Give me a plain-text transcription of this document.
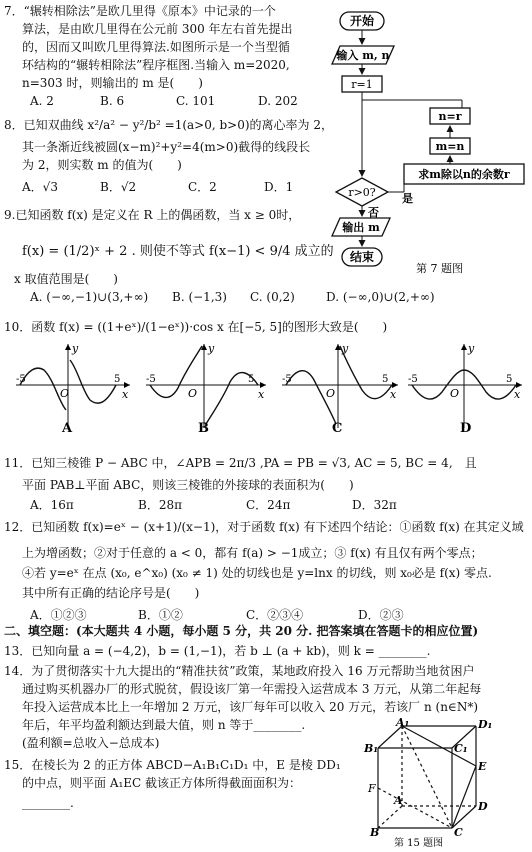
7．“辗转相除法”是欧几里得《原本》中记录的一个
算法，是由欧几里得在公元前 300 年左右首先提出
的，因而又叫欧几里得算法.如图所示是一个当型循
环结构的“辗转相除法”程序框图.当输入 m=2020,
n=303 时，则输出的 m 是(　　)
A. 2	B. 6	C. 101	D. 202
开始
输入 m, n
r=1
n=r
m=n
求m除以n的余数r
r>0? 是
否
输出 m
结束
第 7 题图
8．已知双曲线 x²/a² − y²/b² =1(a>0, b>0)的离心率为 2，
其一条渐近线被圆(x−m)²+y²=4(m>0)截得的线段长
为 2，则实数 m 的值为(　　)
A．√3	B．√2	C．2	D．1
9.已知函数 f(x) 是定义在 R 上的偶函数，当 x ≥ 0时，
f(x) = (1/2)ˣ + 2 . 则使不等式 f(x−1) < 9/4 成立的
x 取值范围是(　　)
A. (−∞,−1)∪(3,+∞) B. (−1,3) C. (0,2)	D. (−∞,0)∪(2,+∞)
10．函数 f(x) = ((1+eˣ)/(1−eˣ))·cos x 在[−5, 5]的图形大致是(　　)
y
x
O
-5	5
A
y
x
O
-5	5
B
y
x
O
-5	5
C
y
x
O
-5	5
D
11．已知三棱锥 P − ABC 中，∠APB = 2π/3 ,PA = PB = √3, AC = 5, BC = 4,　且
平面 PAB⊥平面 ABC，则该三棱锥的外接球的表面积为(　　)
A．16π	B．28π	C．24π	D．32π
12．已知函数 f(x)=eˣ − (x+1)/(x−1)，对于函数 f(x) 有下述四个结论：①函数 f(x) 在其定义域
上为增函数；②对于任意的 a < 0，都有 f(a) > −1成立；③ f(x) 有且仅有两个零点；
④若 y=eˣ 在点 (x₀, e^x₀) (x₀ ≠ 1) 处的切线也是 y=lnx 的切线，则 x₀必是 f(x) 零点.
其中所有正确的结论序号是(　　)
A．①②③	B．①②	C．②③④	D．②③
二、填空题：(本大题共 4 小题，每小题 5 分，共 20 分. 把答案填在答题卡的相应位置)
13．已知向量 a = (−4,2)，b = (1,−1)，若 b ⊥ (a + kb)，则 k = ________.
14．为了贯彻落实十九大提出的“精准扶贫”政策，某地政府投入 16 万元帮助当地贫困户
通过购买机器办厂的形式脱贫，假设该厂第一年需投入运营成本 3 万元，从第二年起每
年投入运营成本比上一年增加 2 万元，该厂每年可以收入 20 万元，若该厂 n (n∈N*)
年后，年平均盈利额达到最大值，则 n 等于________.
(盈利额=总收入−总成本)
15．在棱长为 2 的正方体 ABCD−A₁B₁C₁D₁ 中，E 是棱 DD₁
的中点，则平面 A₁EC 截该正方体所得截面面积为：
________.
A₁	D₁
B₁	C₁
E
F
A	D
B	C
第 15 题图
